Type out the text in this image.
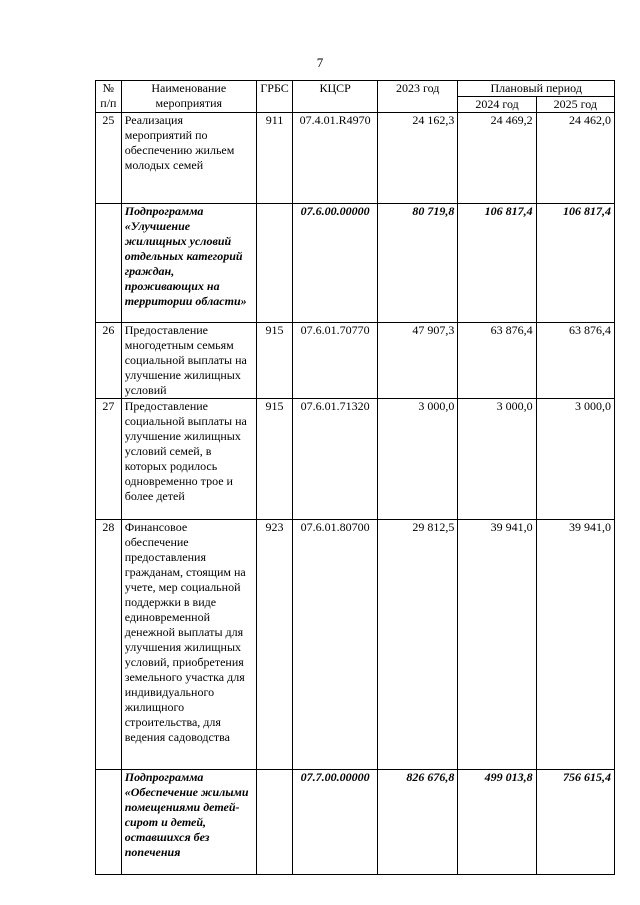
7
№
п/п	Наименование мероприятия	ГРБС	КЦСР	2023 год	Плановый период	
					2024 год	2025 год
25	Реализация мероприятий по обеспечению жильем молодых семей	911	07.4.01.R4970	24 162,3	24 469,2	24 462,0
	Подпрограмма «Улучшение жилищных условий отдельных категорий граждан, проживающих на территории области»		07.6.00.00000	80 719,8	106 817,4	106 817,4
26	Предоставление многодетным семьям социальной выплаты на улучшение жилищных условий	915	07.6.01.70770	47 907,3	63 876,4	63 876,4
27	Предоставление социальной выплаты на улучшение жилищных условий семей, в которых родилось одновременно трое и более детей	915	07.6.01.71320	3 000,0	3 000,0	3 000,0
28	Финансовое обеспечение предоставления гражданам, стоящим на учете, мер социальной поддержки в виде единовременной денежной выплаты для улучшения жилищных условий, приобретения земельного участка для индивидуального жилищного строительства, для ведения садоводства	923	07.6.01.80700	29 812,5	39 941,0	39 941,0
	Подпрограмма «Обеспечение жилыми помещениями детей-сирот и детей, оставшихся без попечения		07.7.00.00000	826 676,8	499 013,8	756 615,4
